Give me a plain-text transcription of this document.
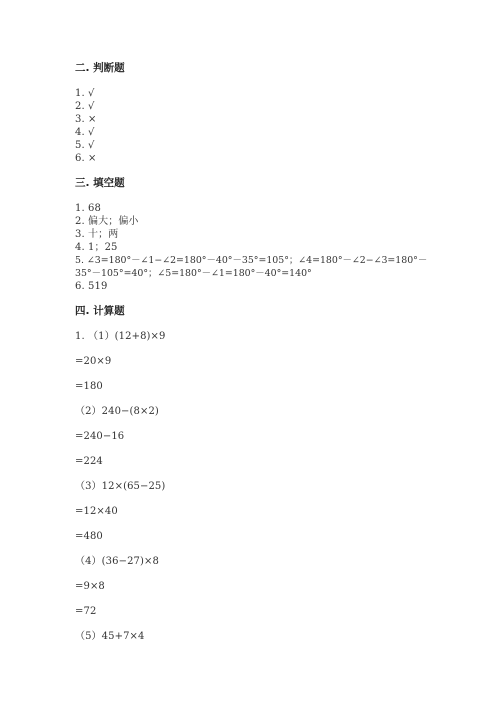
二. 判断题
1. √
2. √
3. ×
4. √
5. √
6. ×
三. 填空题
1. 68
2. 偏大；偏小
3. 十；两
4. 1；25
5. ∠3=180°－∠1−∠2=180°－40°－35°=105°；∠4=180°－∠2−∠3=180°－
35°－105°=40°；∠5=180°－∠1=180°－40°=140°
6. 519
四. 计算题
1. （1）(12+8)×9
=20×9
=180
（2）240−(8×2)
=240−16
=224
（3）12×(65−25)
=12×40
=480
（4）(36−27)×8
=9×8
=72
（5）45+7×4
